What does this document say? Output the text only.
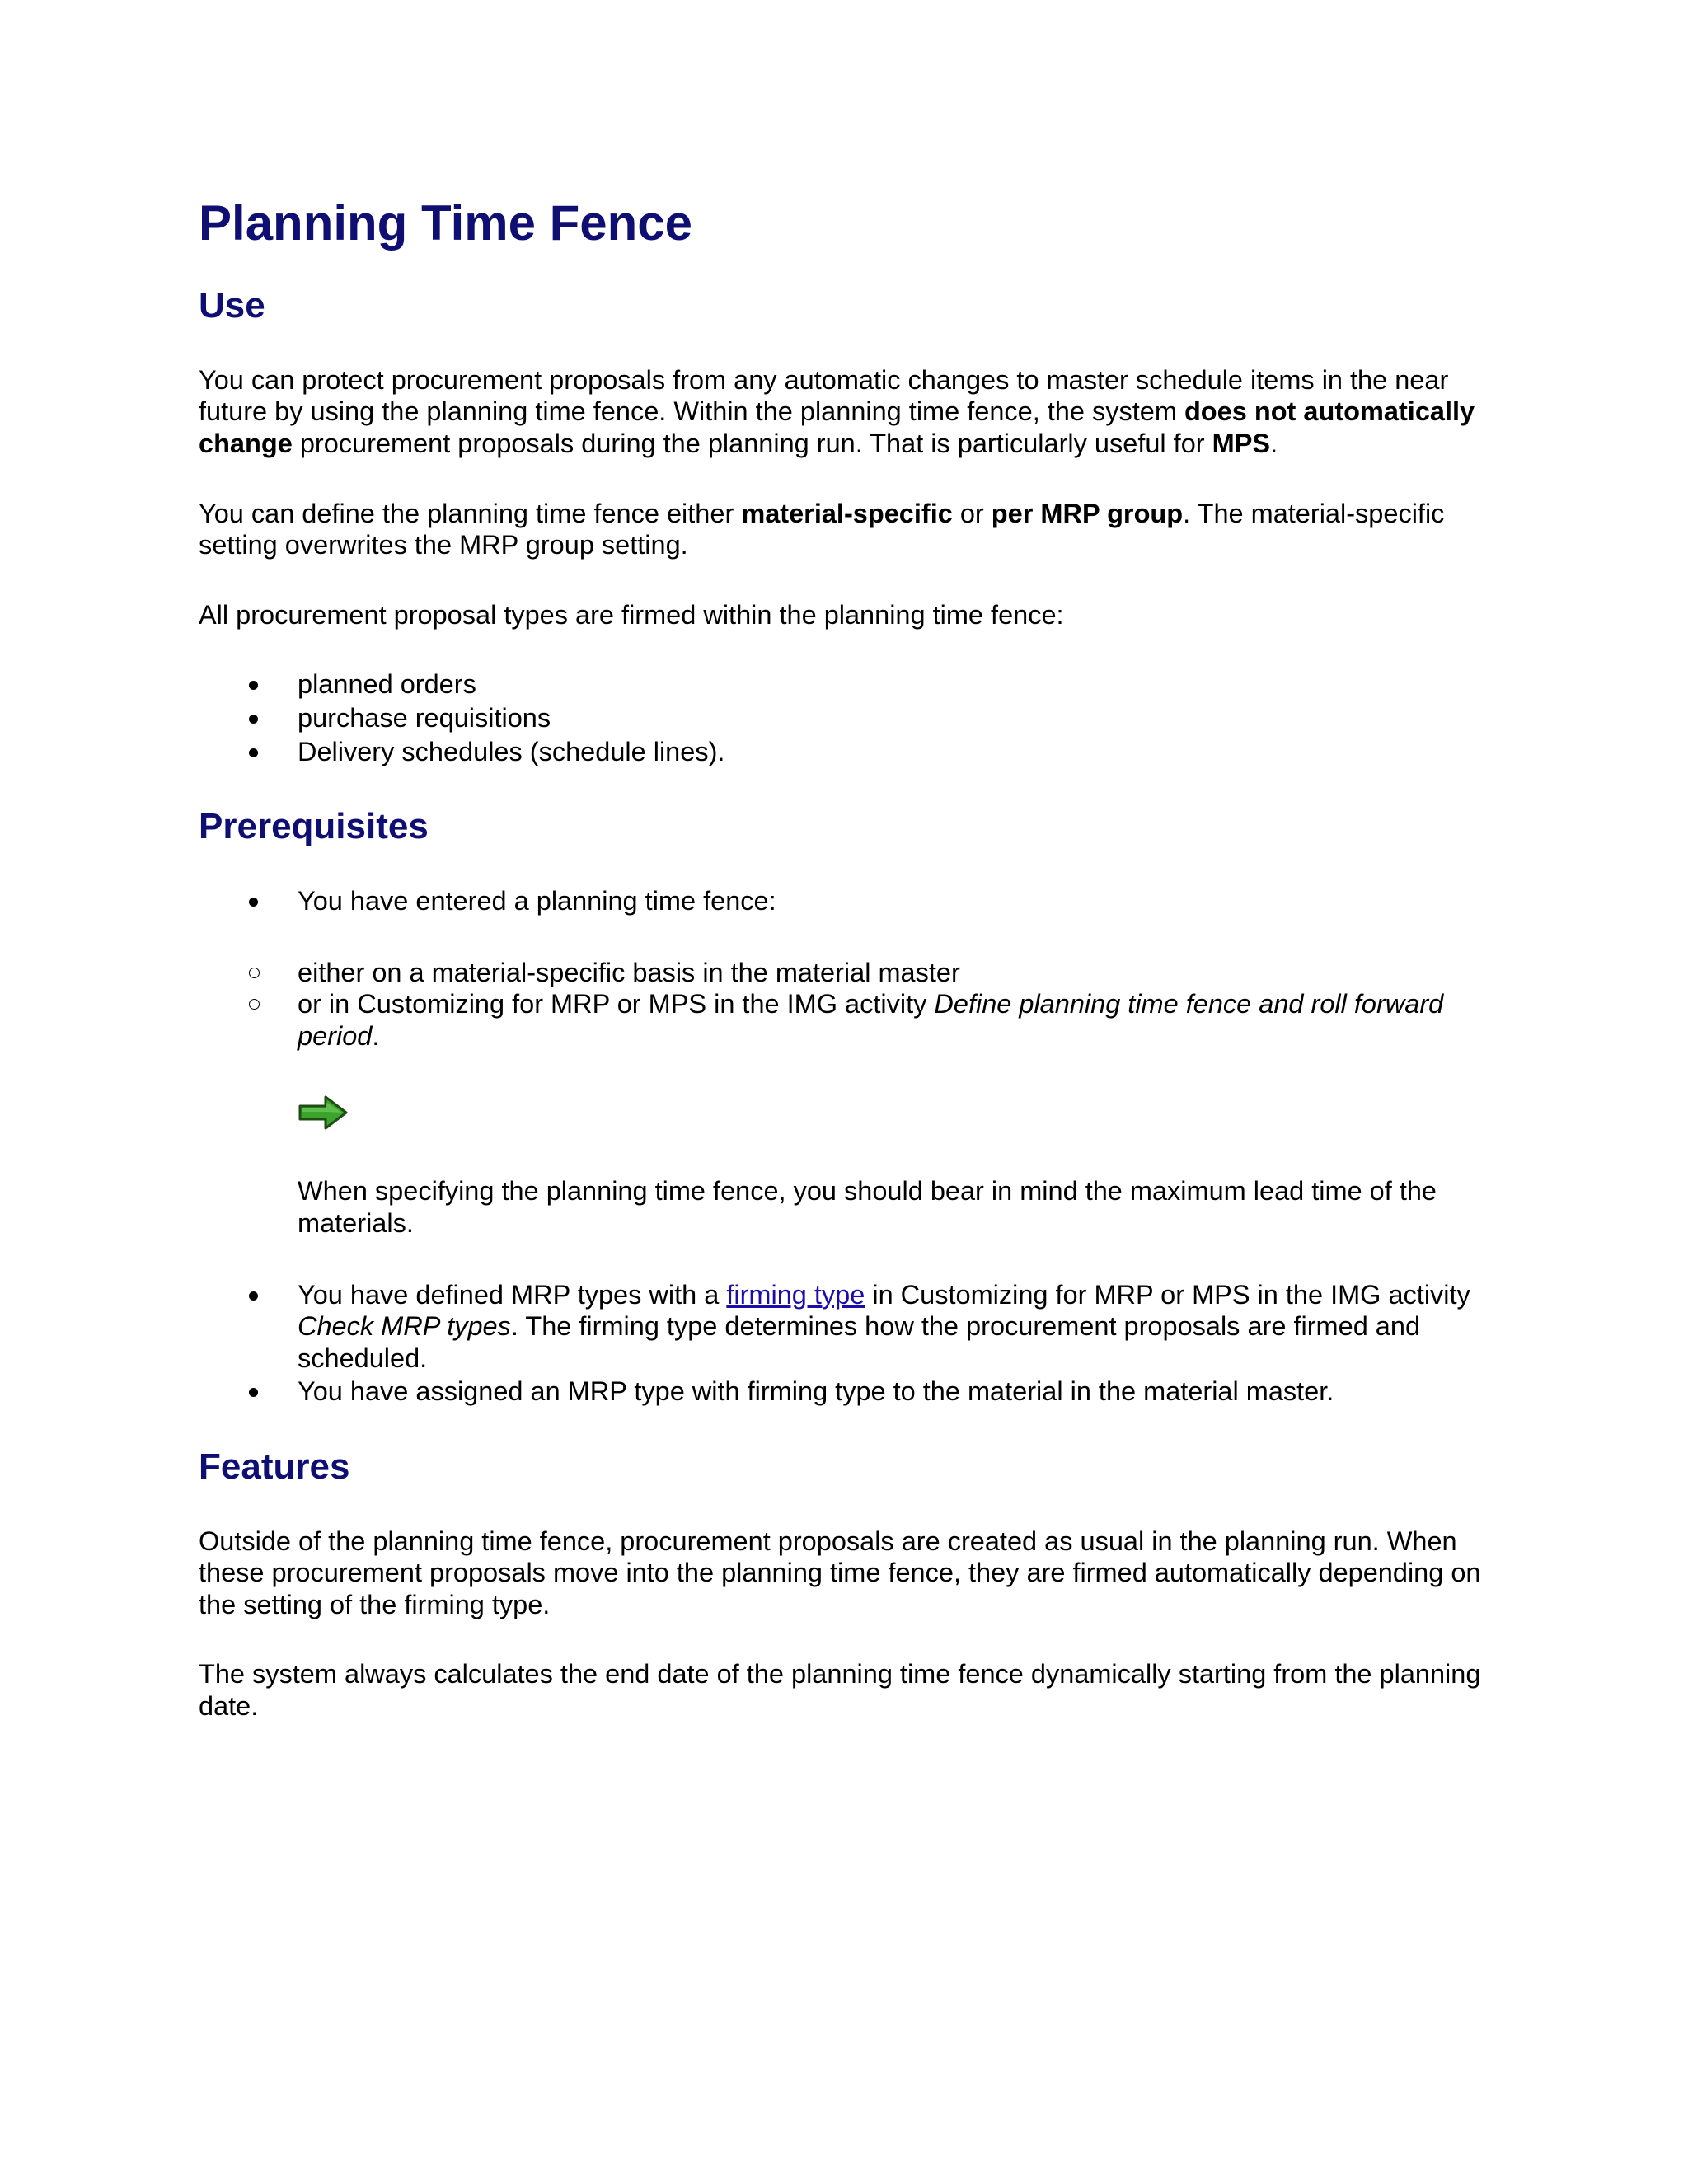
Planning Time Fence
Use

You can protect procurement proposals from any automatic changes to master schedule items in the near future by using the planning time fence. Within the planning time fence, the system does not automatically change procurement proposals during the planning run. That is particularly useful for MPS.

You can define the planning time fence either material-specific or per MRP group. The material-specific setting overwrites the MRP group setting.

All procurement proposal types are firmed within the planning time fence:

planned orders
purchase requisitions
Delivery schedules (schedule lines).
Prerequisites
You have entered a planning time fence:
either on a material-specific basis in the material master
or in Customizing for MRP or MPS in the IMG activity Define planning time fence and roll forward period.

When specifying the planning time fence, you should bear in mind the maximum lead time of the materials.

You have defined MRP types with a firming type in Customizing for MRP or MPS in the IMG activity Check MRP types. The firming type determines how the procurement proposals are firmed and scheduled.
You have assigned an MRP type with firming type to the material in the material master.
Features

Outside of the planning time fence, procurement proposals are created as usual in the planning run. When these procurement proposals move into the planning time fence, they are firmed automatically depending on the setting of the firming type.

The system always calculates the end date of the planning time fence dynamically starting from the planning date.
